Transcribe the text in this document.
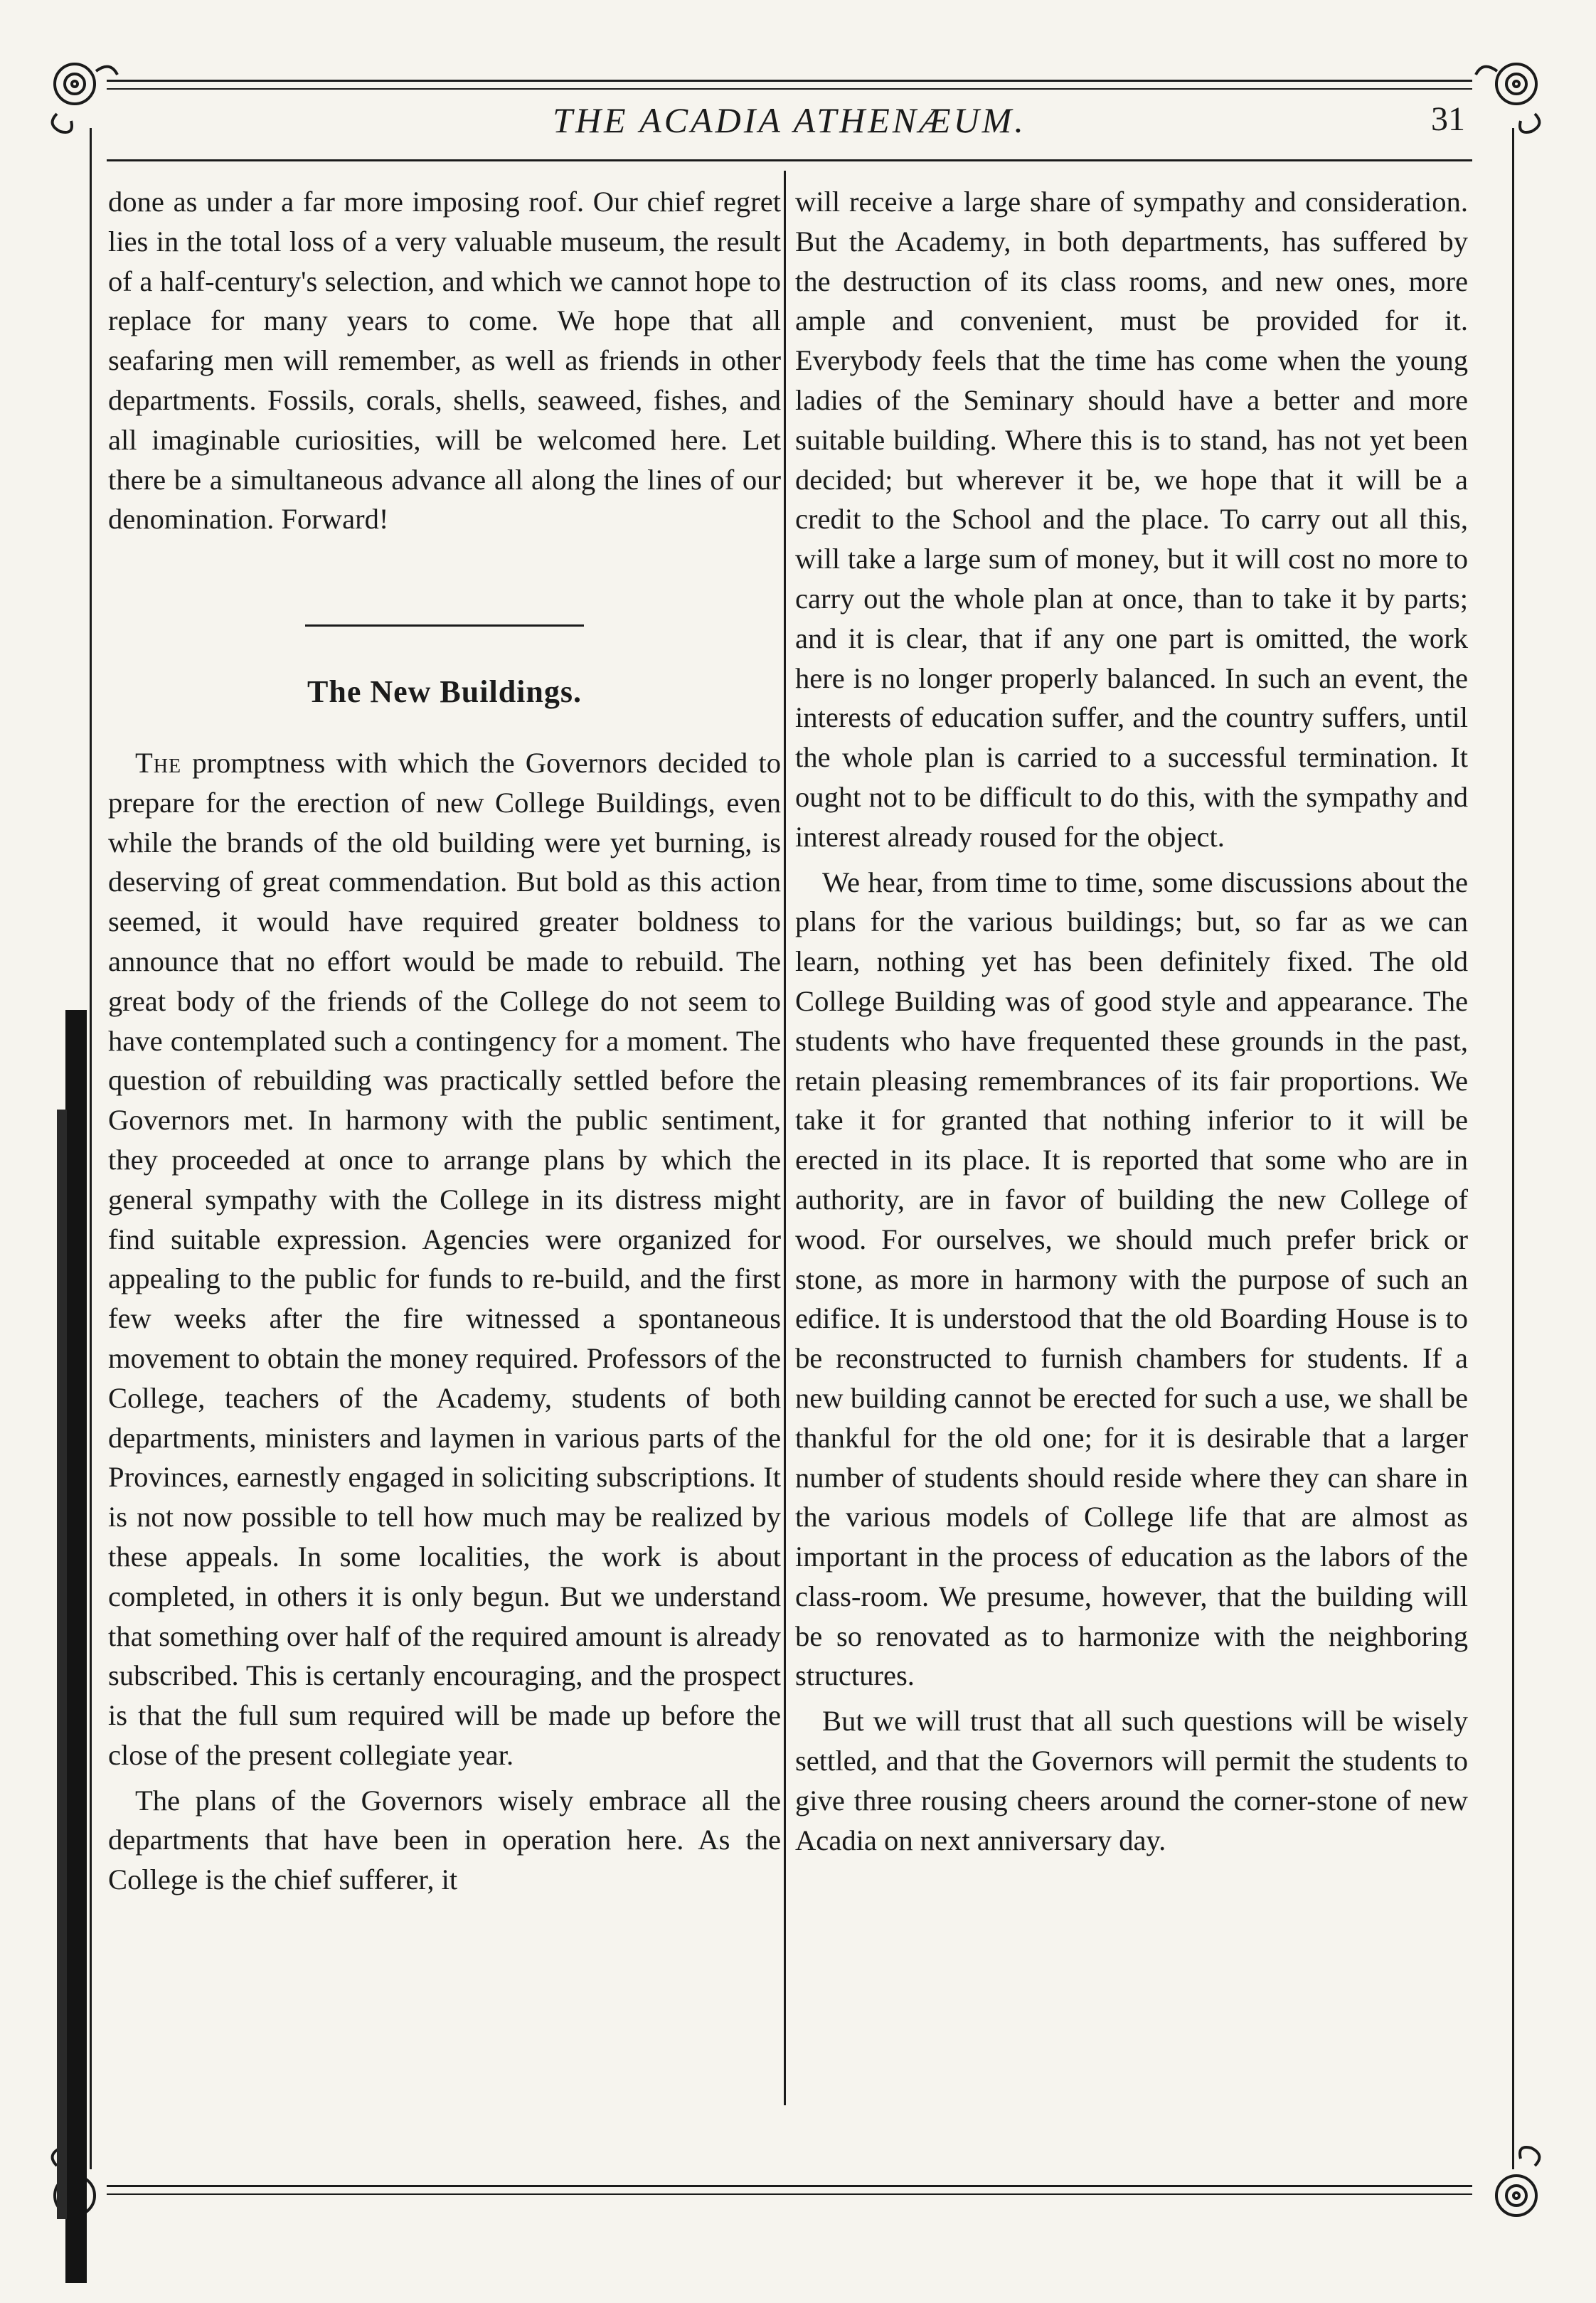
THE ACADIA ATHENÆUM.	31

done as under a far more imposing roof. Our chief regret lies in the total loss of a very valuable museum, the result of a half-century's selection, and which we cannot hope to replace for many years to come. We hope that all seafaring men will remember, as well as friends in other departments. Fossils, corals, shells, seaweed, fishes, and all imaginable curiosities, will be welcomed here. Let there be a simultaneous advance all along the lines of our denomination. Forward!

The New Buildings.

The promptness with which the Governors decided to prepare for the erection of new College Buildings, even while the brands of the old building were yet burning, is deserving of great commendation. But bold as this action seemed, it would have required greater boldness to announce that no effort would be made to rebuild. The great body of the friends of the College do not seem to have contemplated such a contingency for a moment. The question of rebuilding was practically settled before the Governors met. In harmony with the public sentiment, they proceeded at once to arrange plans by which the general sympathy with the College in its distress might find suitable expression. Agencies were organized for appealing to the public for funds to re-build, and the first few weeks after the fire witnessed a spontaneous movement to obtain the money required. Professors of the College, teachers of the Academy, students of both departments, ministers and laymen in various parts of the Provinces, earnestly engaged in soliciting subscriptions. It is not now possible to tell how much may be realized by these appeals. In some localities, the work is about completed, in others it is only begun. But we understand that something over half of the required amount is already subscribed. This is certanly encouraging, and the prospect is that the full sum required will be made up before the close of the present collegiate year.

The plans of the Governors wisely embrace all the departments that have been in operation here. As the College is the chief sufferer, it

will receive a large share of sympathy and consideration. But the Academy, in both departments, has suffered by the destruction of its class rooms, and new ones, more ample and convenient, must be provided for it. Everybody feels that the time has come when the young ladies of the Seminary should have a better and more suitable building. Where this is to stand, has not yet been decided; but wherever it be, we hope that it will be a credit to the School and the place. To carry out all this, will take a large sum of money, but it will cost no more to carry out the whole plan at once, than to take it by parts; and it is clear, that if any one part is omitted, the work here is no longer properly balanced. In such an event, the interests of education suffer, and the country suffers, until the whole plan is carried to a successful termination. It ought not to be difficult to do this, with the sympathy and interest already roused for the object.

We hear, from time to time, some discussions about the plans for the various buildings; but, so far as we can learn, nothing yet has been definitely fixed. The old College Building was of good style and appearance. The students who have frequented these grounds in the past, retain pleasing remembrances of its fair proportions. We take it for granted that nothing inferior to it will be erected in its place. It is reported that some who are in authority, are in favor of building the new College of wood. For ourselves, we should much prefer brick or stone, as more in harmony with the purpose of such an edifice. It is understood that the old Boarding House is to be reconstructed to furnish chambers for students. If a new building cannot be erected for such a use, we shall be thankful for the old one; for it is desirable that a larger number of students should reside where they can share in the various models of College life that are almost as important in the process of education as the labors of the class-room. We presume, however, that the building will be so renovated as to harmonize with the neighboring structures.

But we will trust that all such questions will be wisely settled, and that the Governors will permit the students to give three rousing cheers around the corner-stone of new Acadia on next anniversary day.
